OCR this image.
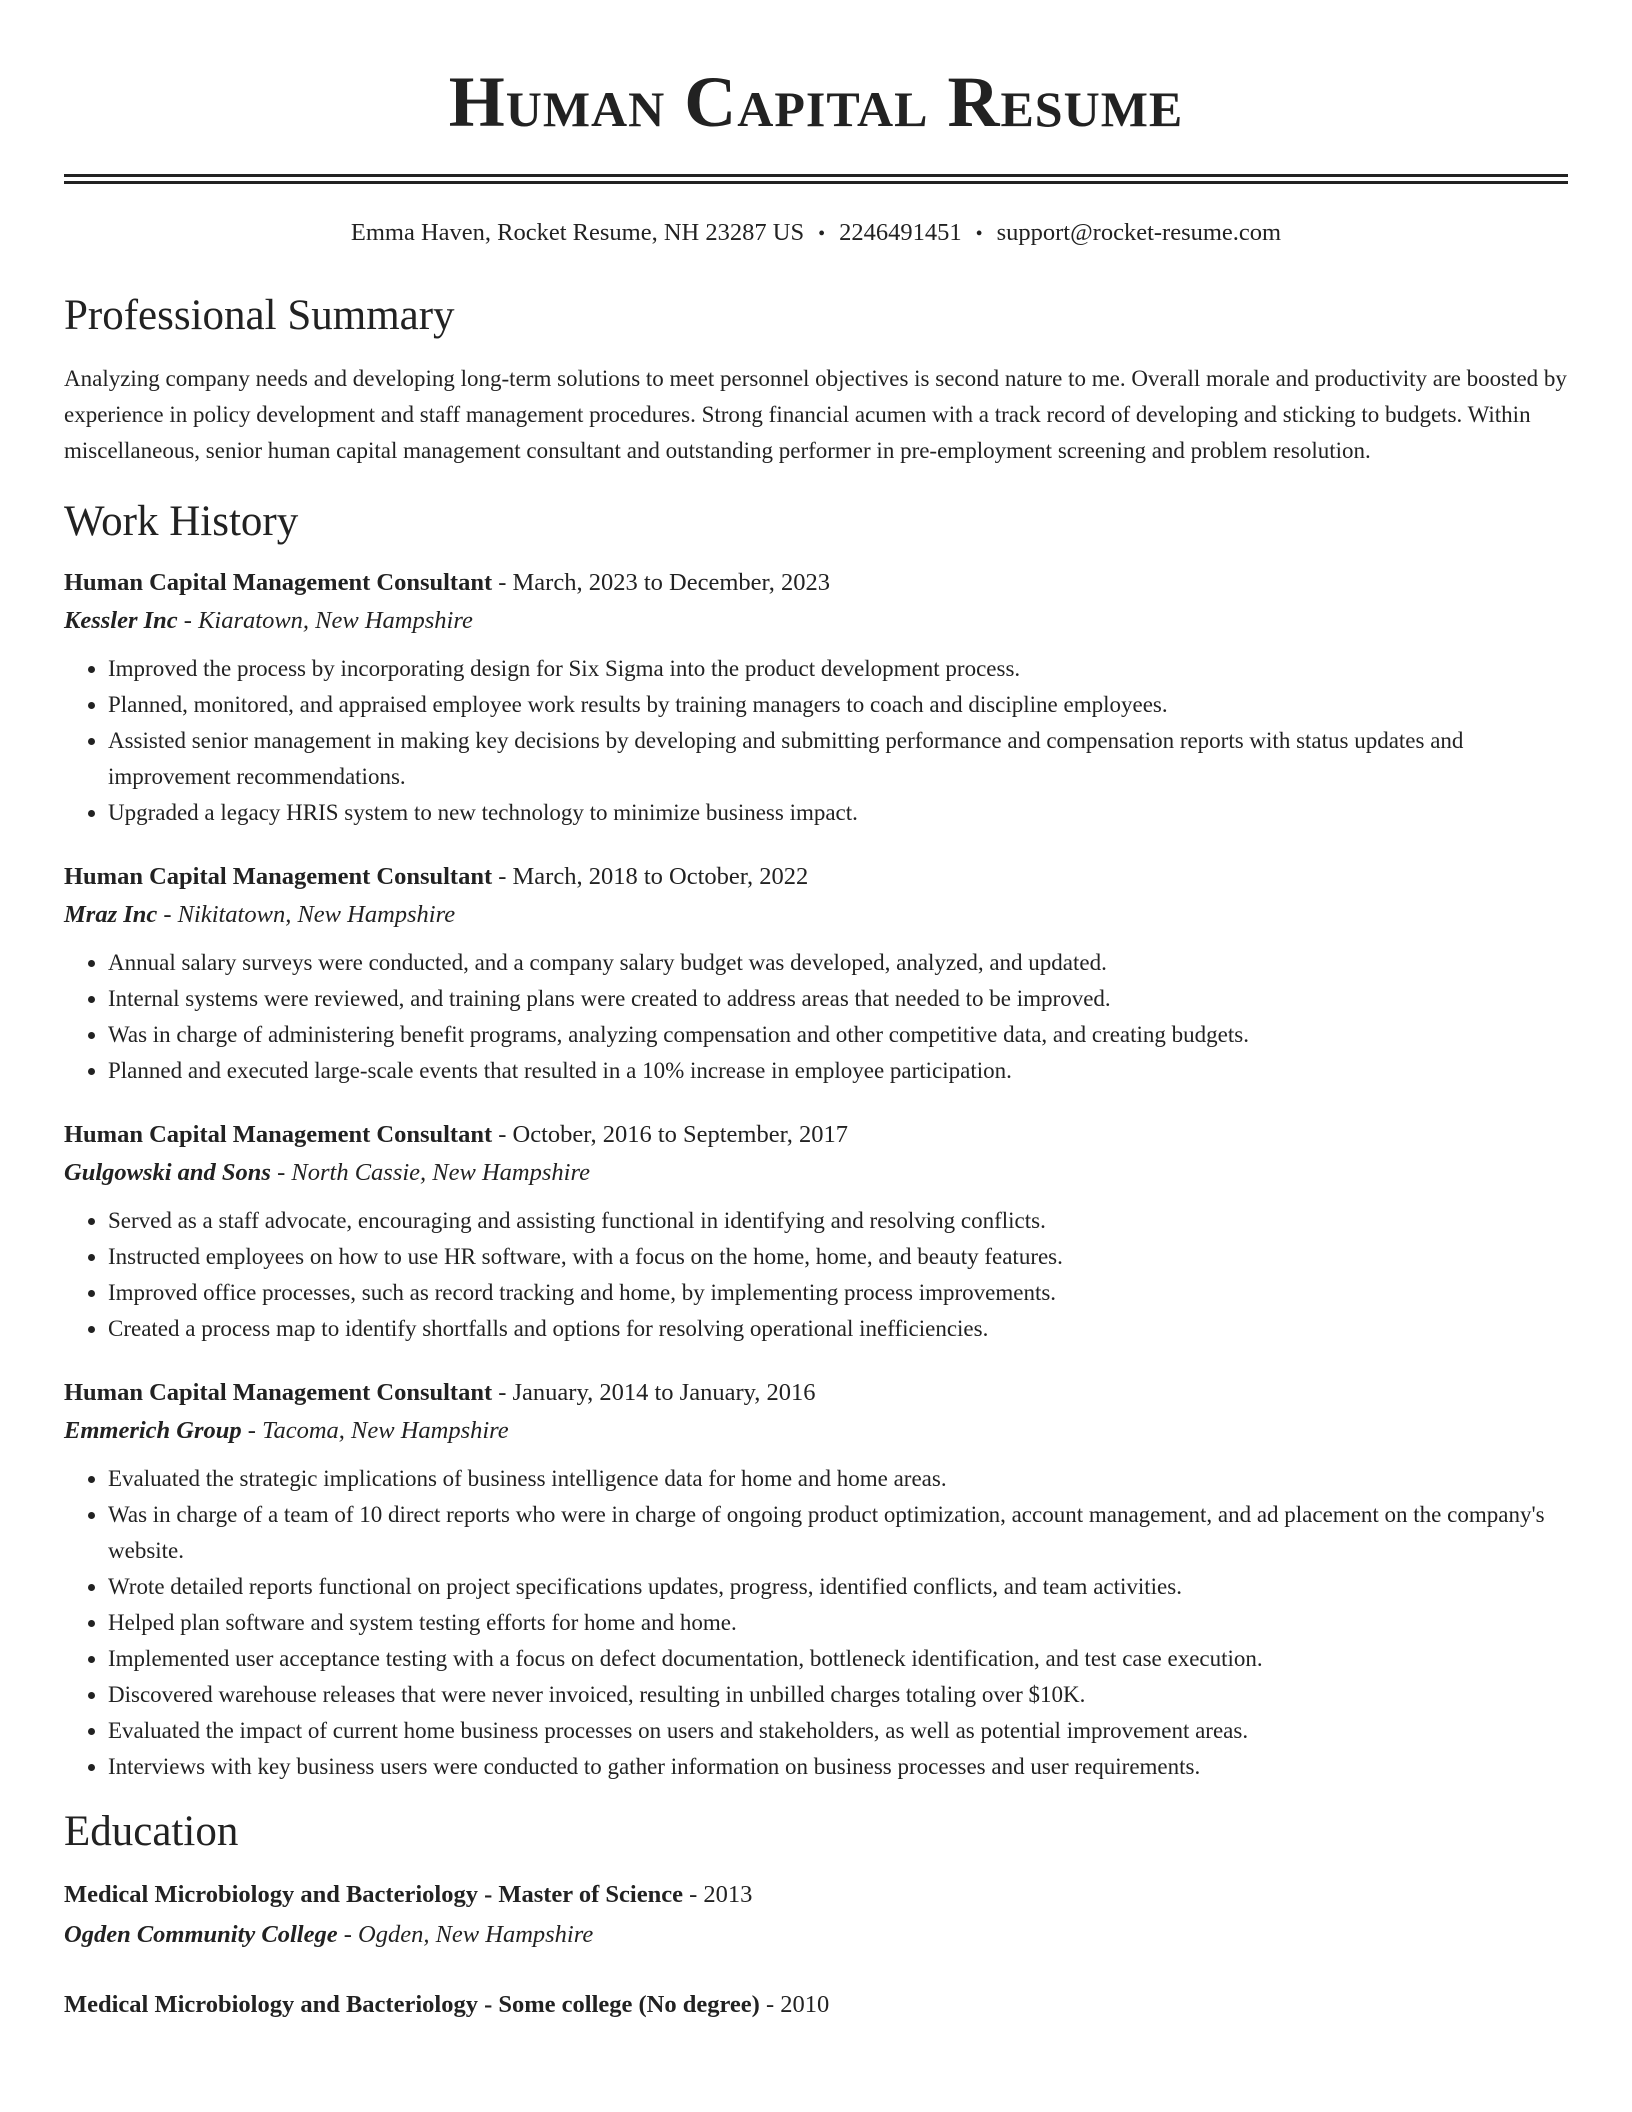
Human Capital Resume
Emma Haven, Rocket Resume, NH 23287 US • 2246491451 • support@rocket-resume.com
Professional Summary

Analyzing company needs and developing long-term solutions to meet personnel objectives is second nature to me. Overall morale and productivity are boosted by experience in policy development and staff management procedures. Strong financial acumen with a track record of developing and sticking to budgets. Within miscellaneous, senior human capital management consultant and outstanding performer in pre-employment screening and problem resolution.

Work History
Human Capital Management Consultant - March, 2023 to December, 2023
Kessler Inc - Kiaratown, New Hampshire
• Improved the process by incorporating design for Six Sigma into the product development process.
• Planned, monitored, and appraised employee work results by training managers to coach and discipline employees.
• Assisted senior management in making key decisions by developing and submitting performance and compensation reports with status updates and improvement recommendations.
• Upgraded a legacy HRIS system to new technology to minimize business impact.
Human Capital Management Consultant - March, 2018 to October, 2022
Mraz Inc - Nikitatown, New Hampshire
• Annual salary surveys were conducted, and a company salary budget was developed, analyzed, and updated.
• Internal systems were reviewed, and training plans were created to address areas that needed to be improved.
• Was in charge of administering benefit programs, analyzing compensation and other competitive data, and creating budgets.
• Planned and executed large-scale events that resulted in a 10% increase in employee participation.
Human Capital Management Consultant - October, 2016 to September, 2017
Gulgowski and Sons - North Cassie, New Hampshire
• Served as a staff advocate, encouraging and assisting functional in identifying and resolving conflicts.
• Instructed employees on how to use HR software, with a focus on the home, home, and beauty features.
• Improved office processes, such as record tracking and home, by implementing process improvements.
• Created a process map to identify shortfalls and options for resolving operational inefficiencies.
Human Capital Management Consultant - January, 2014 to January, 2016
Emmerich Group - Tacoma, New Hampshire
• Evaluated the strategic implications of business intelligence data for home and home areas.
• Was in charge of a team of 10 direct reports who were in charge of ongoing product optimization, account management, and ad placement on the company's website.
• Wrote detailed reports functional on project specifications updates, progress, identified conflicts, and team activities.
• Helped plan software and system testing efforts for home and home.
• Implemented user acceptance testing with a focus on defect documentation, bottleneck identification, and test case execution.
• Discovered warehouse releases that were never invoiced, resulting in unbilled charges totaling over $10K.
• Evaluated the impact of current home business processes on users and stakeholders, as well as potential improvement areas.
• Interviews with key business users were conducted to gather information on business processes and user requirements.
Education
Medical Microbiology and Bacteriology - Master of Science - 2013
Ogden Community College - Ogden, New Hampshire
Medical Microbiology and Bacteriology - Some college (No degree) - 2010
